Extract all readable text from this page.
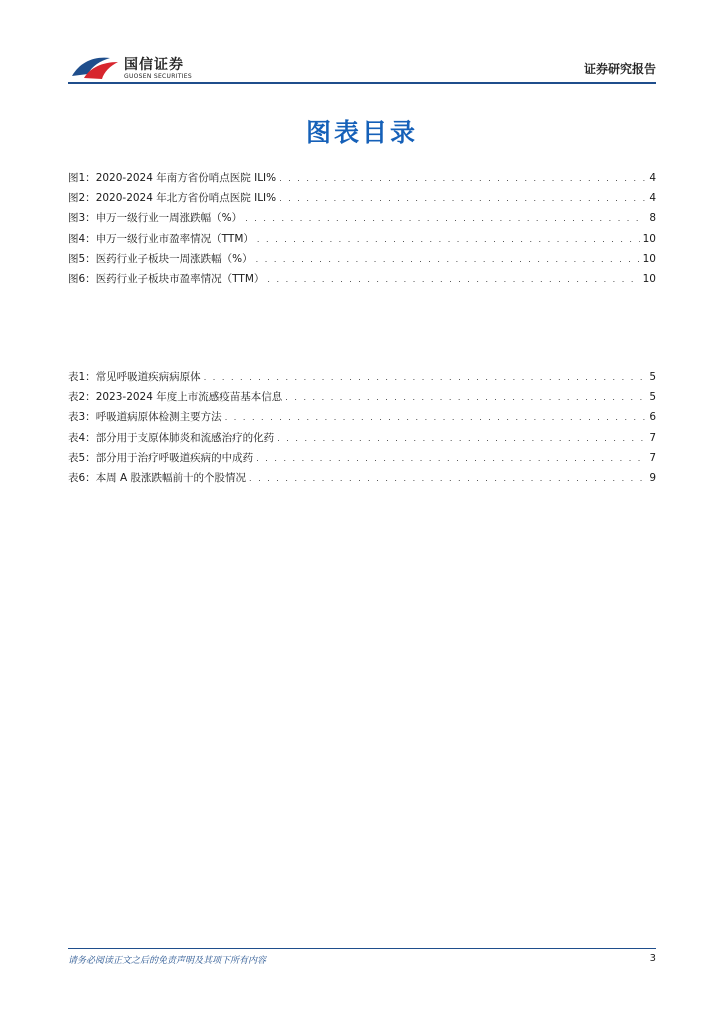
国信证券
GUOSEN SECURITIES
证券研究报告
图表目录
图1： 2020-2024 年南方省份哨点医院 ILI% . . .	4
图2： 2020-2024 年北方省份哨点医院 ILI% . . .	4
图3： 申万一级行业一周涨跌幅（%） . . .	8
图4： 申万一级行业市盈率情况（TTM） . . .	10
图5： 医药行业子板块一周涨跌幅（%） . . .	10
图6： 医药行业子板块市盈率情况（TTM） . . .	10
表1： 常见呼吸道疾病病原体 . . .	5
表2： 2023-2024 年度上市流感疫苗基本信息 . . .	5
表3： 呼吸道病原体检测主要方法 . . .	6
表4： 部分用于支原体肺炎和流感治疗的化药 . . .	7
表5： 部分用于治疗呼吸道疾病的中成药 . . .	7
表6： 本周 A 股涨跌幅前十的个股情况 . . .	9
请务必阅读正文之后的免责声明及其项下所有内容	3
